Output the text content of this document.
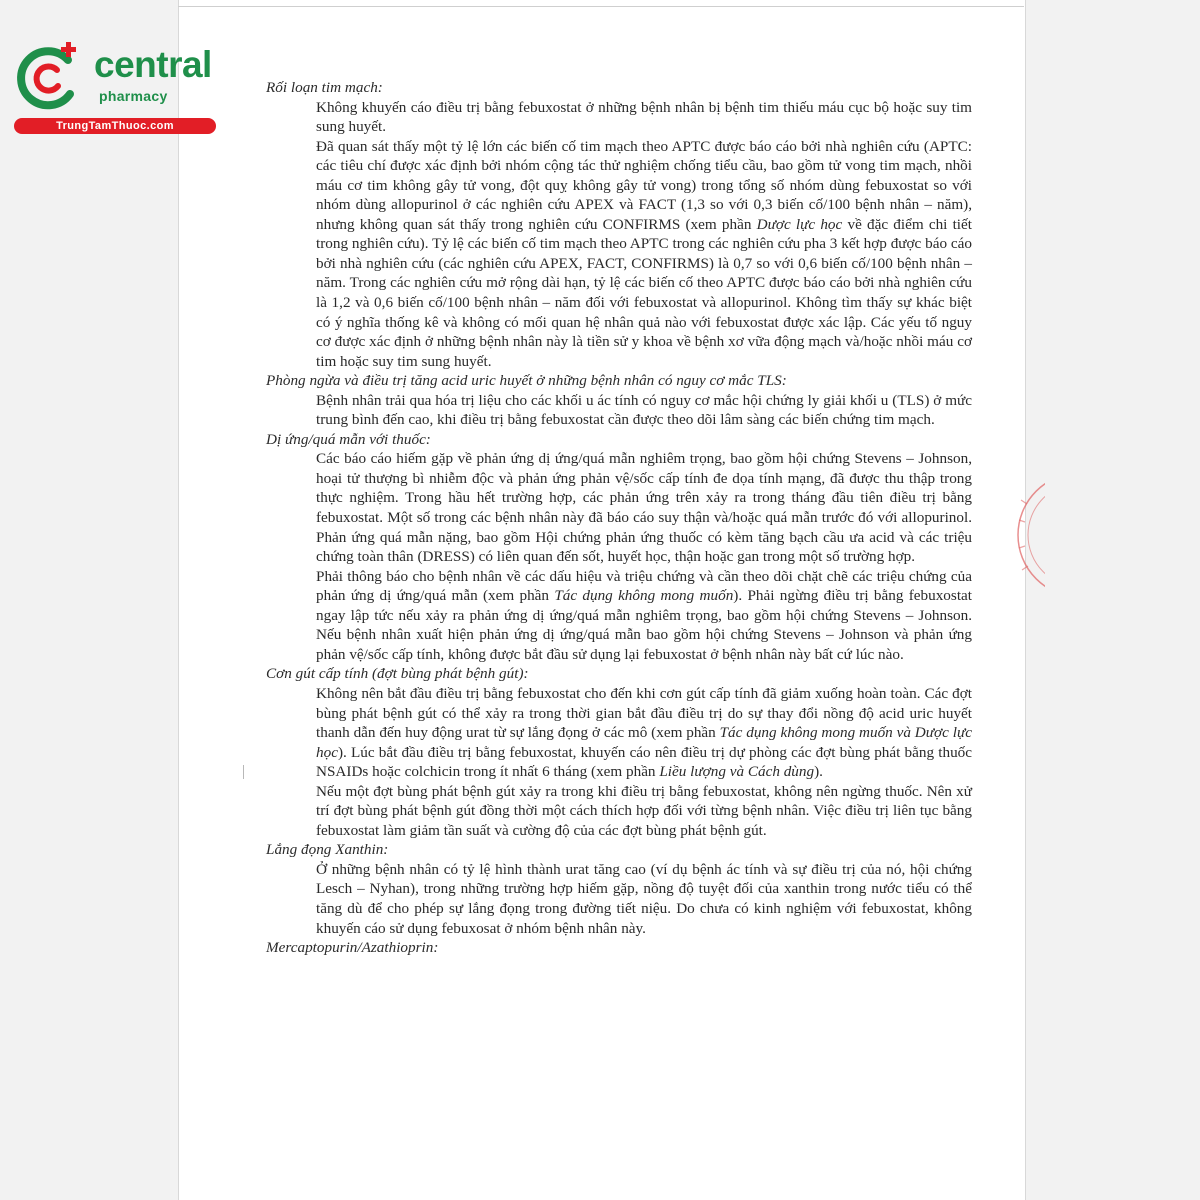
central
pharmacy
TrungTamThuoc.com

Rối loạn tim mạch:

Không khuyến cáo điều trị bằng febuxostat ở những bệnh nhân bị bệnh tim thiếu máu cục bộ hoặc suy tim sung huyết.

Đã quan sát thấy một tỷ lệ lớn các biến cố tim mạch theo APTC được báo cáo bởi nhà nghiên cứu (APTC: các tiêu chí được xác định bởi nhóm cộng tác thử nghiệm chống tiểu cầu, bao gồm tử vong tim mạch, nhồi máu cơ tim không gây tử vong, đột quỵ không gây tử vong) trong tổng số nhóm dùng febuxostat so với nhóm dùng allopurinol ở các nghiên cứu APEX và FACT (1,3 so với 0,3 biến cố/100 bệnh nhân – năm), nhưng không quan sát thấy trong nghiên cứu CONFIRMS (xem phần Dược lực học về đặc điểm chi tiết trong nghiên cứu). Tỷ lệ các biến cố tim mạch theo APTC trong các nghiên cứu pha 3 kết hợp được báo cáo bởi nhà nghiên cứu (các nghiên cứu APEX, FACT, CONFIRMS) là 0,7 so với 0,6 biến cố/100 bệnh nhân – năm. Trong các nghiên cứu mở rộng dài hạn, tỷ lệ các biến cố theo APTC được báo cáo bởi nhà nghiên cứu là 1,2 và 0,6 biến cố/100 bệnh nhân – năm đối với febuxostat và allopurinol. Không tìm thấy sự khác biệt có ý nghĩa thống kê và không có mối quan hệ nhân quả nào với febuxostat được xác lập. Các yếu tố nguy cơ được xác định ở những bệnh nhân này là tiền sử y khoa về bệnh xơ vữa động mạch và/hoặc nhồi máu cơ tim hoặc suy tim sung huyết.

Phòng ngừa và điều trị tăng acid uric huyết ở những bệnh nhân có nguy cơ mắc TLS:

Bệnh nhân trải qua hóa trị liệu cho các khối u ác tính có nguy cơ mắc hội chứng ly giải khối u (TLS) ở mức trung bình đến cao, khi điều trị bằng febuxostat cần được theo dõi lâm sàng các biến chứng tim mạch.

Dị ứng/quá mẫn với thuốc:

Các báo cáo hiếm gặp về phản ứng dị ứng/quá mẫn nghiêm trọng, bao gồm hội chứng Stevens – Johnson, hoại tử thượng bì nhiễm độc và phản ứng phản vệ/sốc cấp tính đe dọa tính mạng, đã được thu thập trong thực nghiệm. Trong hầu hết trường hợp, các phản ứng trên xảy ra trong tháng đầu tiên điều trị bằng febuxostat. Một số trong các bệnh nhân này đã báo cáo suy thận và/hoặc quá mẫn trước đó với allopurinol. Phản ứng quá mẫn nặng, bao gồm Hội chứng phản ứng thuốc có kèm tăng bạch cầu ưa acid và các triệu chứng toàn thân (DRESS) có liên quan đến sốt, huyết học, thận hoặc gan trong một số trường hợp.

Phải thông báo cho bệnh nhân về các dấu hiệu và triệu chứng và cần theo dõi chặt chẽ các triệu chứng của phản ứng dị ứng/quá mẫn (xem phần Tác dụng không mong muốn). Phải ngừng điều trị bằng febuxostat ngay lập tức nếu xảy ra phản ứng dị ứng/quá mẫn nghiêm trọng, bao gồm hội chứng Stevens – Johnson. Nếu bệnh nhân xuất hiện phản ứng dị ứng/quá mẫn bao gồm hội chứng Stevens – Johnson và phản ứng phản vệ/sốc cấp tính, không được bắt đầu sử dụng lại febuxostat ở bệnh nhân này bất cứ lúc nào.

Cơn gút cấp tính (đợt bùng phát bệnh gút):

Không nên bắt đầu điều trị bằng febuxostat cho đến khi cơn gút cấp tính đã giảm xuống hoàn toàn. Các đợt bùng phát bệnh gút có thể xảy ra trong thời gian bắt đầu điều trị do sự thay đổi nồng độ acid uric huyết thanh dẫn đến huy động urat từ sự lắng đọng ở các mô (xem phần Tác dụng không mong muốn và Dược lực học). Lúc bắt đầu điều trị bằng febuxostat, khuyến cáo nên điều trị dự phòng các đợt bùng phát bằng thuốc NSAIDs hoặc colchicin trong ít nhất 6 tháng (xem phần Liều lượng và Cách dùng).

Nếu một đợt bùng phát bệnh gút xảy ra trong khi điều trị bằng febuxostat, không nên ngừng thuốc. Nên xử trí đợt bùng phát bệnh gút đồng thời một cách thích hợp đối với từng bệnh nhân. Việc điều trị liên tục bằng febuxostat làm giảm tần suất và cường độ của các đợt bùng phát bệnh gút.

Lắng đọng Xanthin:

Ở những bệnh nhân có tỷ lệ hình thành urat tăng cao (ví dụ bệnh ác tính và sự điều trị của nó, hội chứng Lesch – Nyhan), trong những trường hợp hiếm gặp, nồng độ tuyệt đối của xanthin trong nước tiểu có thể tăng dù để cho phép sự lắng đọng trong đường tiết niệu. Do chưa có kinh nghiệm với febuxostat, không khuyến cáo sử dụng febuxosat ở nhóm bệnh nhân này.

Mercaptopurin/Azathioprin:
